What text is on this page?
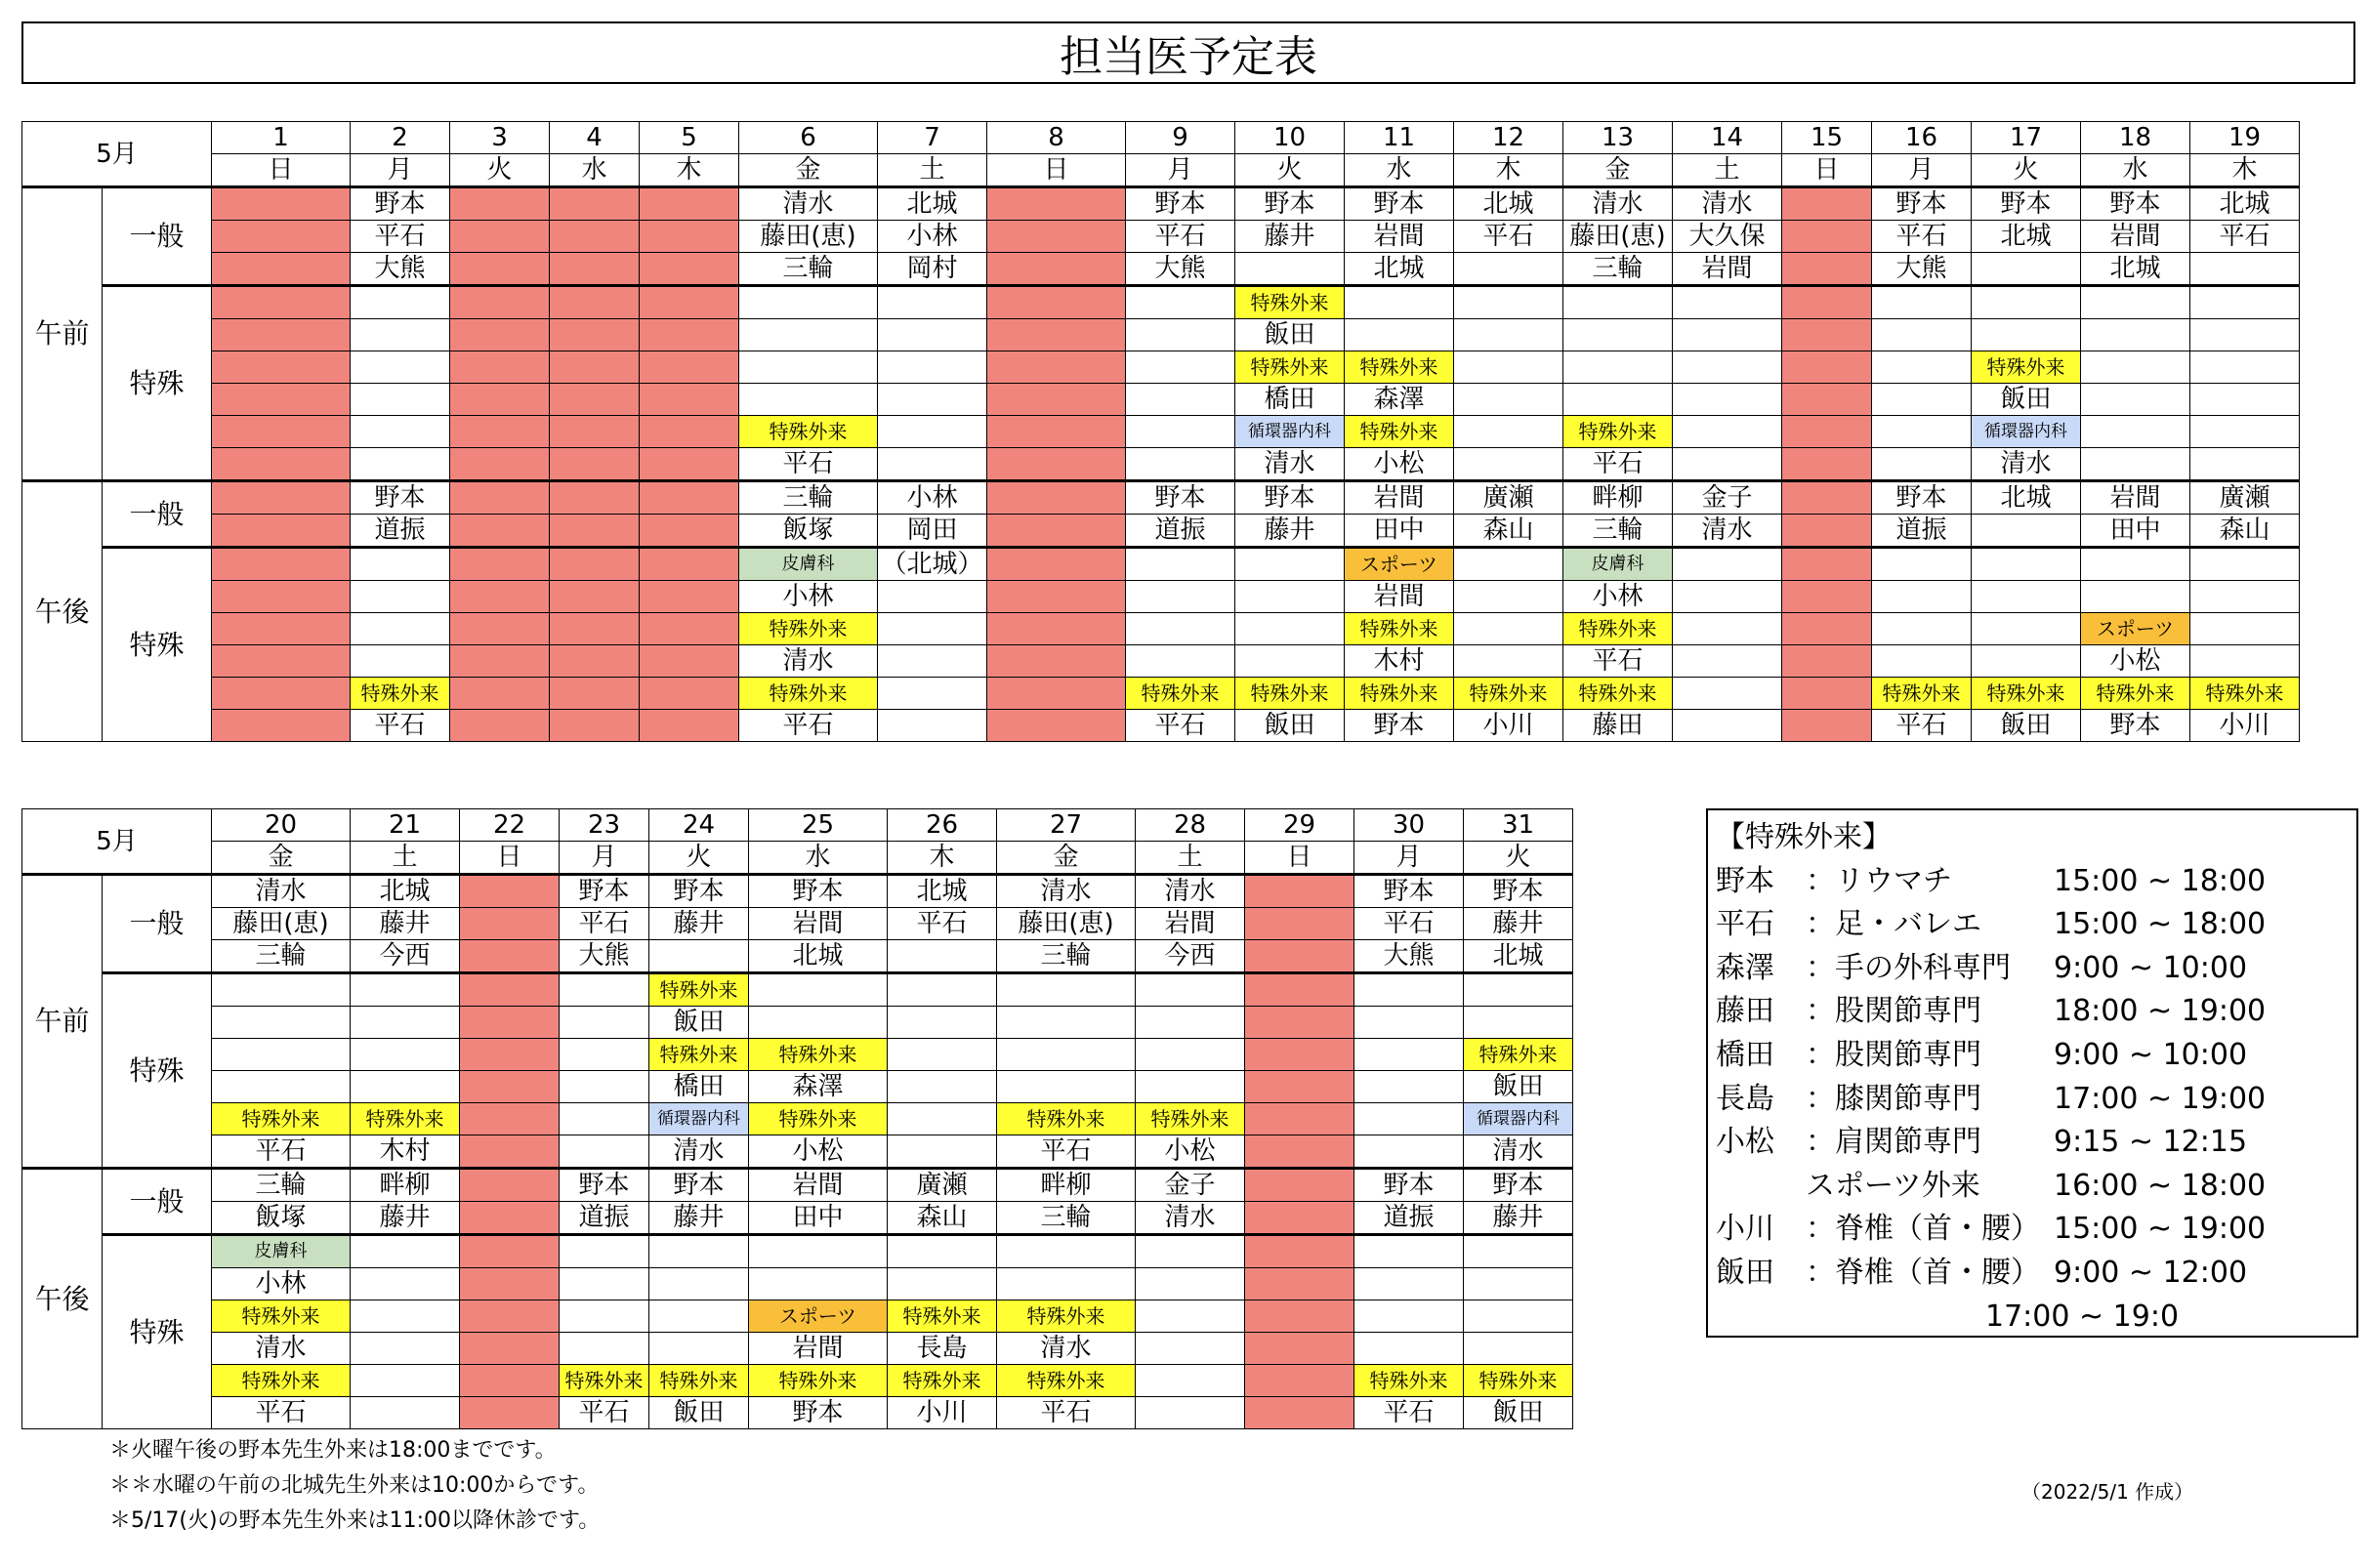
担当医予定表
5月		1	2	3	4	5	6	7	8	9	10	11	12	13	14	15	16	17	18	19
		日	月	火	水	木	金	土	日	月	火	水	木	金	土	日	月	火	水	木
午前	一般		野本				清水	北城		野本	野本	野本	北城	清水	清水		野本	野本	野本	北城
			平石				藤田(恵)	小林		平石	藤井	岩間	平石	藤田(恵)	大久保		平石	北城	岩間	平石
			大熊				三輪	岡村		大熊		北城		三輪	岩間		大熊		北城	
	特殊										特殊外来									
											飯田									
											特殊外来	特殊外来						特殊外来		
											橋田	森澤						飯田		
							特殊外来				循環器内科	特殊外来		特殊外来				循環器内科		
							平石				清水	小松		平石				清水		
午後	一般		野本				三輪	小林		野本	野本	岩間	廣瀬	畔柳	金子		野本	北城	岩間	廣瀬
			道振				飯塚	岡田		道振	藤井	田中	森山	三輪	清水		道振		田中	森山
	特殊						皮膚科	（北城）				スポーツ		皮膚科						
							小林					岩間		小林						
							特殊外来					特殊外来		特殊外来					スポーツ	
							清水					木村		平石					小松	
			特殊外来				特殊外来			特殊外来	特殊外来	特殊外来	特殊外来	特殊外来			特殊外来	特殊外来	特殊外来	特殊外来
			平石				平石			平石	飯田	野本	小川	藤田			平石	飯田	野本	小川
5月		20	21	22	23	24	25	26	27	28	29	30	31
		金	土	日	月	火	水	木	金	土	日	月	火
午前	一般	清水	北城		野本	野本	野本	北城	清水	清水		野本	野本
		藤田(恵)	藤井		平石	藤井	岩間	平石	藤田(恵)	岩間		平石	藤井
		三輪	今西		大熊		北城		三輪	今西		大熊	北城
	特殊					特殊外来							
						飯田							
						特殊外来	特殊外来						特殊外来
						橋田	森澤						飯田
		特殊外来	特殊外来			循環器内科	特殊外来		特殊外来	特殊外来			循環器内科
		平石	木村			清水	小松		平石	小松			清水
午後	一般	三輪	畔柳		野本	野本	岩間	廣瀬	畔柳	金子		野本	野本
		飯塚	藤井		道振	藤井	田中	森山	三輪	清水		道振	藤井
	特殊	皮膚科											
		小林											
		特殊外来					スポーツ	特殊外来	特殊外来				
		清水					岩間	長島	清水				
		特殊外来			特殊外来	特殊外来	特殊外来	特殊外来	特殊外来			特殊外来	特殊外来
		平石			平石	飯田	野本	小川	平石			平石	飯田
【特殊外来】
野本	：リウマチ	15:00 ~ 18:00
平石	：足・バレエ	15:00 ~ 18:00
森澤	：手の外科専門	9:00 ~ 10:00
藤田	：股関節専門	18:00 ~ 19:00
橋田	：股関節専門	9:00 ~ 10:00
長島	：膝関節専門	17:00 ~ 19:00
小松	：肩関節専門	9:15 ~ 12:15
スポーツ外来	16:00 ~ 18:00
小川	：脊椎（首・腰） 15:00 ~ 19:00
飯田	：脊椎（首・腰） 9:00 ~ 12:00
17:00 ~ 19:0
＊火曜午後の野本先生外来は18:00までです。
＊＊水曜の午前の北城先生外来は10:00からです。
＊5/17(火)の野本先生外来は11:00以降休診です。
（2022/5/1 作成）
